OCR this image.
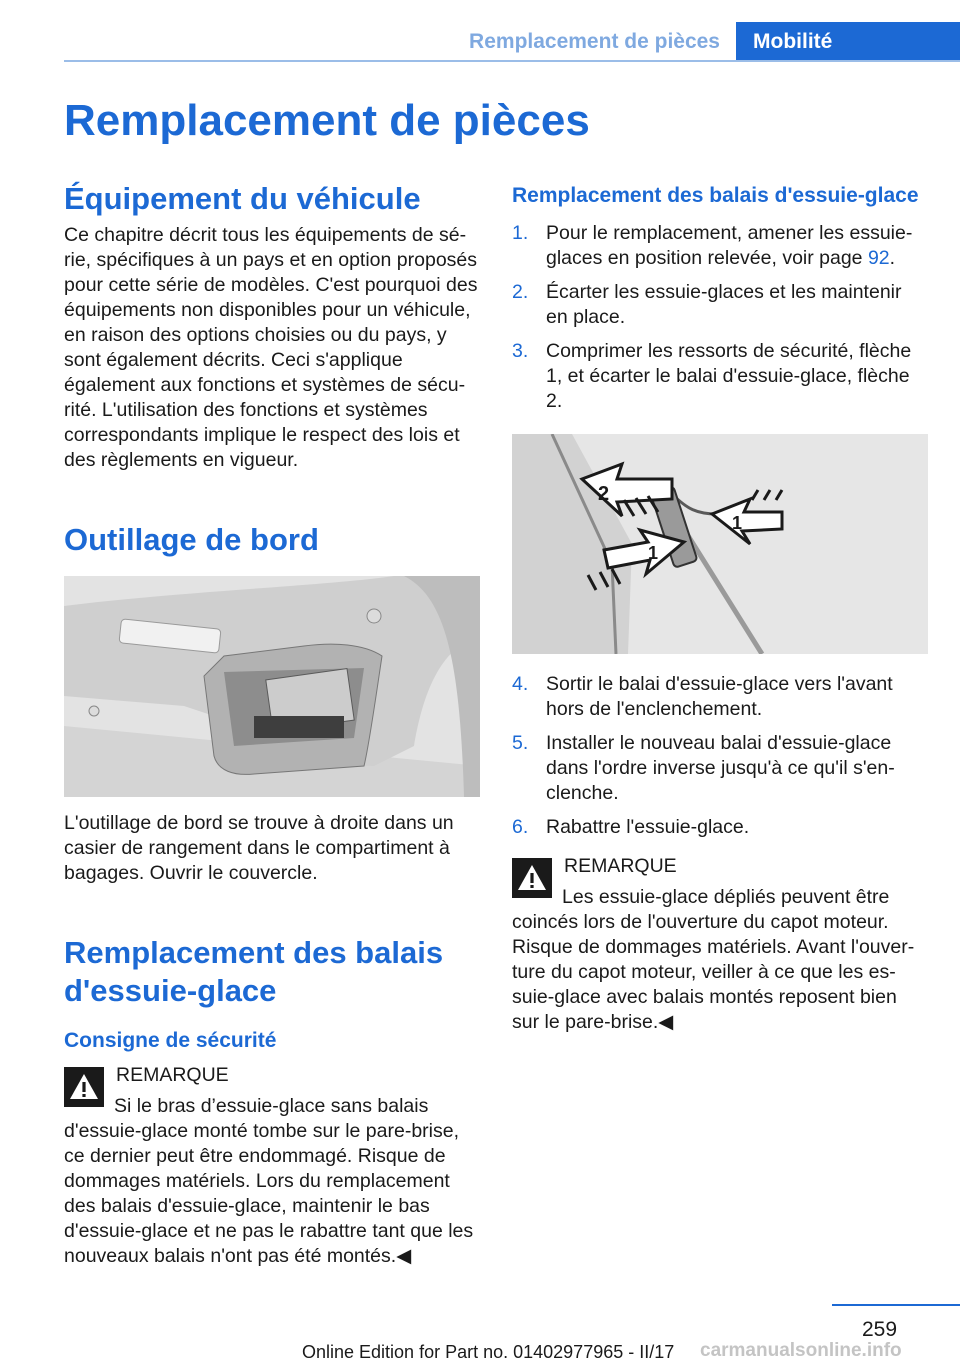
Remplacement de pièces	Mobilité
Remplacement de pièces
Équipement du véhicule

Ce chapitre décrit tous les équipements de série, spécifiques à un pays et en option proposés pour cette série de modèles. C'est pourquoi des équipements non disponibles pour un véhicule, en raison des options choisies ou du pays, y sont également décrits. Ceci s'applique également aux fonctions et systèmes de sécurité. L'utilisation des fonctions et systèmes correspondants implique le respect des lois et des règlements en vigueur.

Outillage de bord

L'outillage de bord se trouve à droite dans un casier de rangement dans le compartiment à bagages. Ouvrir le couvercle.

Remplacement des balais d'essuie-glace
Consigne de sécurité
REMARQUE
Si le bras d’essuie-glace sans balais d'essuie-glace monté tombe sur le pare-brise, ce dernier peut être endommagé. Risque de dommages matériels. Lors du remplacement des balais d'essuie-glace, maintenir le bas d'essuie-glace et ne pas le rabattre tant que les nouveaux balais n'ont pas été montés.◀
Remplacement des balais d'essuie-glace
1. Pour le remplacement, amener les essuie-glaces en position relevée, voir page 92.
2. Écarter les essuie-glaces et les maintenir en place.
3. Comprimer les ressorts de sécurité, flèche 1, et écarter le balai d'essuie-glace, flèche 2.
2
1
1
4. Sortir le balai d'essuie-glace vers l'avant hors de l'enclenchement.
5. Installer le nouveau balai d'essuie-glace dans l'ordre inverse jusqu'à ce qu'il s'enclenche.
6. Rabattre l'essuie-glace.
REMARQUE
Les essuie-glace dépliés peuvent être coincés lors de l'ouverture du capot moteur. Risque de dommages matériels. Avant l'ouverture du capot moteur, veiller à ce que les essuie-glace avec balais montés reposent bien sur le pare-brise.◀
259
Online Edition for Part no. 01402977965 - II/17 carmanualsonline.info
